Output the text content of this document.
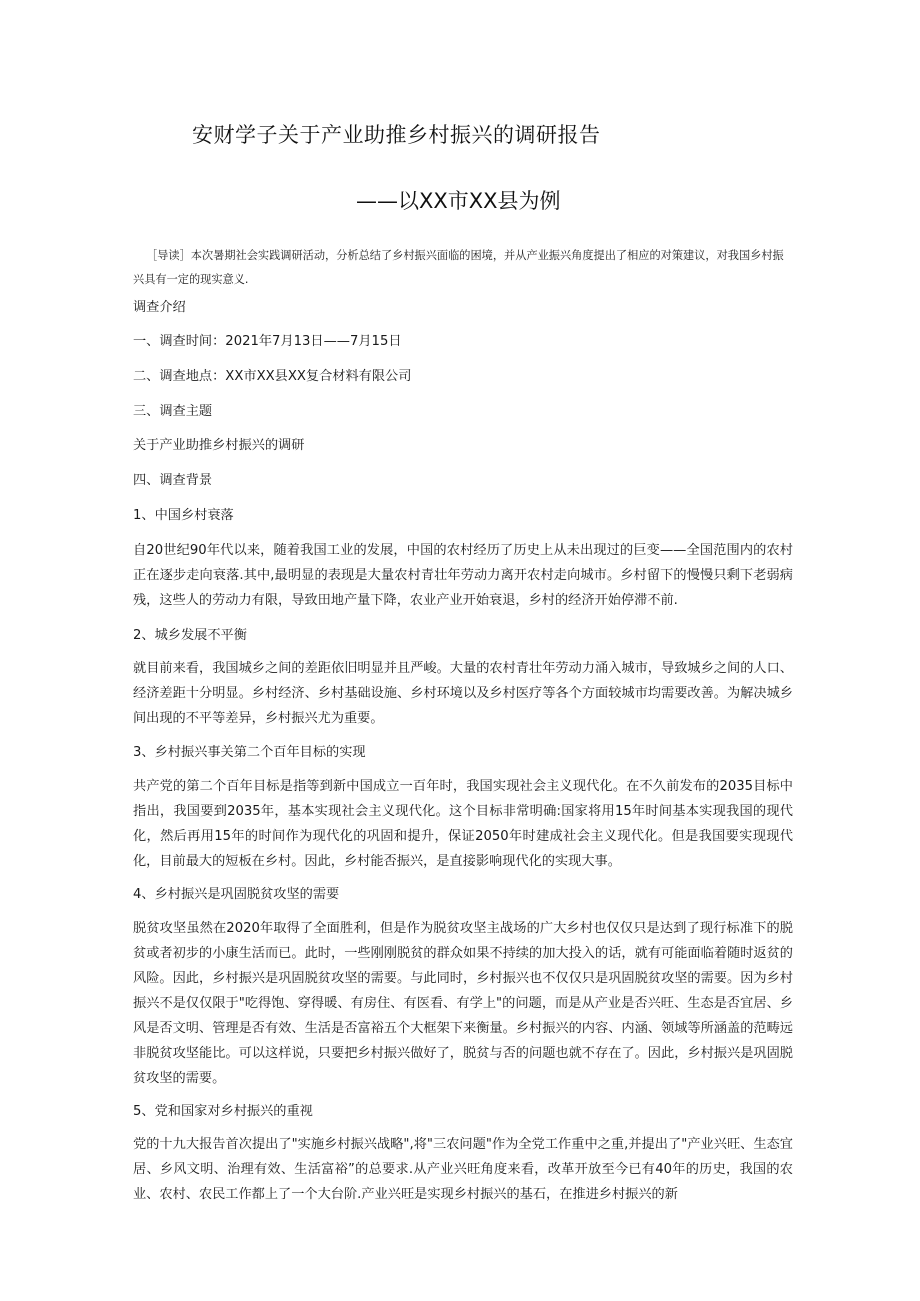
安财学子关于产业助推乡村振兴的调研报告
——以XX市XX县为例
［导读］本次暑期社会实践调研活动，分析总结了乡村振兴面临的困境，并从产业振兴角度提出了相应的对策建议，对我国乡村振兴具有一定的现实意义.
调查介绍
一、调查时间：2021年7月13日——7月15日
二、调查地点：XX市XX县XX复合材料有限公司
三、调查主题
关于产业助推乡村振兴的调研
四、调查背景
1、中国乡村衰落
自20世纪90年代以来，随着我国工业的发展，中国的农村经历了历史上从未出现过的巨变——全国范围内的农村正在逐步走向衰落.其中,最明显的表现是大量农村青壮年劳动力离开农村走向城市。乡村留下的慢慢只剩下老弱病残，这些人的劳动力有限，导致田地产量下降，农业产业开始衰退，乡村的经济开始停滞不前.
2、城乡发展不平衡
就目前来看，我国城乡之间的差距依旧明显并且严峻。大量的农村青壮年劳动力涌入城市，导致城乡之间的人口、经济差距十分明显。乡村经济、乡村基础设施、乡村环境以及乡村医疗等各个方面较城市均需要改善。为解决城乡间出现的不平等差异，乡村振兴尤为重要。
3、乡村振兴事关第二个百年目标的实现
共产党的第二个百年目标是指等到新中国成立一百年时，我国实现社会主义现代化。在不久前发布的2035目标中指出，我国要到2035年，基本实现社会主义现代化。这个目标非常明确:国家将用15年时间基本实现我国的现代化，然后再用15年的时间作为现代化的巩固和提升，保证2050年时建成社会主义现代化。但是我国要实现现代化，目前最大的短板在乡村。因此，乡村能否振兴，是直接影响现代化的实现大事。
4、乡村振兴是巩固脱贫攻坚的需要
脱贫攻坚虽然在2020年取得了全面胜利，但是作为脱贫攻坚主战场的广大乡村也仅仅只是达到了现行标准下的脱贫或者初步的小康生活而已。此时，一些刚刚脱贫的群众如果不持续的加大投入的话，就有可能面临着随时返贫的风险。因此，乡村振兴是巩固脱贫攻坚的需要。与此同时，乡村振兴也不仅仅只是巩固脱贫攻坚的需要。因为乡村振兴不是仅仅限于"吃得饱、穿得暖、有房住、有医看、有学上"的问题，而是从产业是否兴旺、生态是否宜居、乡风是否文明、管理是否有效、生活是否富裕五个大框架下来衡量。乡村振兴的内容、内涵、领域等所涵盖的范畴远非脱贫攻坚能比。可以这样说，只要把乡村振兴做好了，脱贫与否的问题也就不存在了。因此，乡村振兴是巩固脱贫攻坚的需要。
5、党和国家对乡村振兴的重视
党的十九大报告首次提出了"实施乡村振兴战略",将"三农问题"作为全党工作重中之重,并提出了"产业兴旺、生态宜居、乡风文明、治理有效、生活富裕”的总要求.从产业兴旺角度来看，改革开放至今已有40年的历史，我国的农业、农村、农民工作都上了一个大台阶.产业兴旺是实现乡村振兴的基石，在推进乡村振兴的新
